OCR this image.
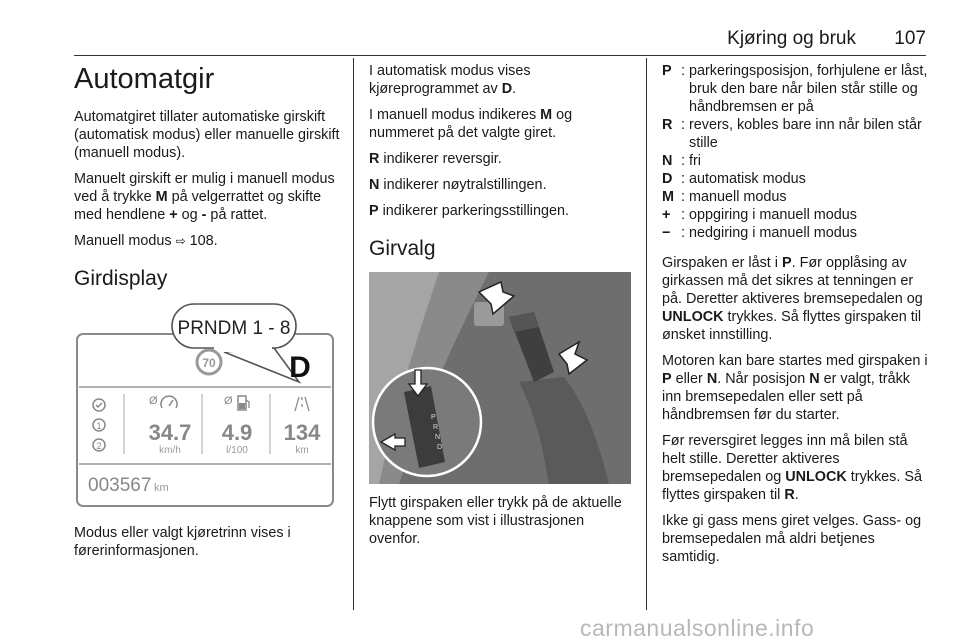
Kjøring og bruk 107
Automatgir

Automatgiret tillater automatiske girskift (automatisk modus) eller manuelle girskift (manuell modus).

Manuelt girskift er mulig i manuell modus ved å trykke M på velgerrattet og skifte med hendlene + og - på rattet.

Manuell modus ⇨ 108.

Girdisplay
PRNDM 1 - 8
70 D
1
2
Ø	Ø
34.7
km/h
4.9
l/100
134
km
003567 km

Modus eller valgt kjøretrinn vises i førerinformasjonen.

I automatisk modus vises kjøreprogrammet av D.

I manuell modus indikeres M og nummeret på det valgte giret.

R indikerer reversgir.

N indikerer nøytralstillingen.

P indikerer parkeringsstillingen.

Girvalg
P
R
N
D

Flytt girspaken eller trykk på de aktuelle knappene som vist i illustrasjonen ovenfor.

P : parkeringsposisjon, forhjulene er låst, bruk den bare når bilen står stille og håndbremsen er på
R : revers, kobles bare inn når bilen står stille
N : fri
D : automatisk modus
M : manuell modus
+ : oppgiring i manuell modus
− : nedgiring i manuell modus

Girspaken er låst i P. Før opplåsing av girkassen må det sikres at tenningen er på. Deretter aktiveres bremsepedalen og UNLOCK trykkes. Så flyttes girspaken til ønsket innstilling.

Motoren kan bare startes med girspaken i P eller N. Når posisjon N er valgt, tråkk inn bremsepedalen eller sett på håndbremsen før du starter.

Før reversgiret legges inn må bilen stå helt stille. Deretter aktiveres bremsepedalen og UNLOCK trykkes. Så flyttes girspaken til R.

Ikke gi gass mens giret velges. Gass- og bremsepedalen må aldri betjenes samtidig.

carmanualsonline.info
